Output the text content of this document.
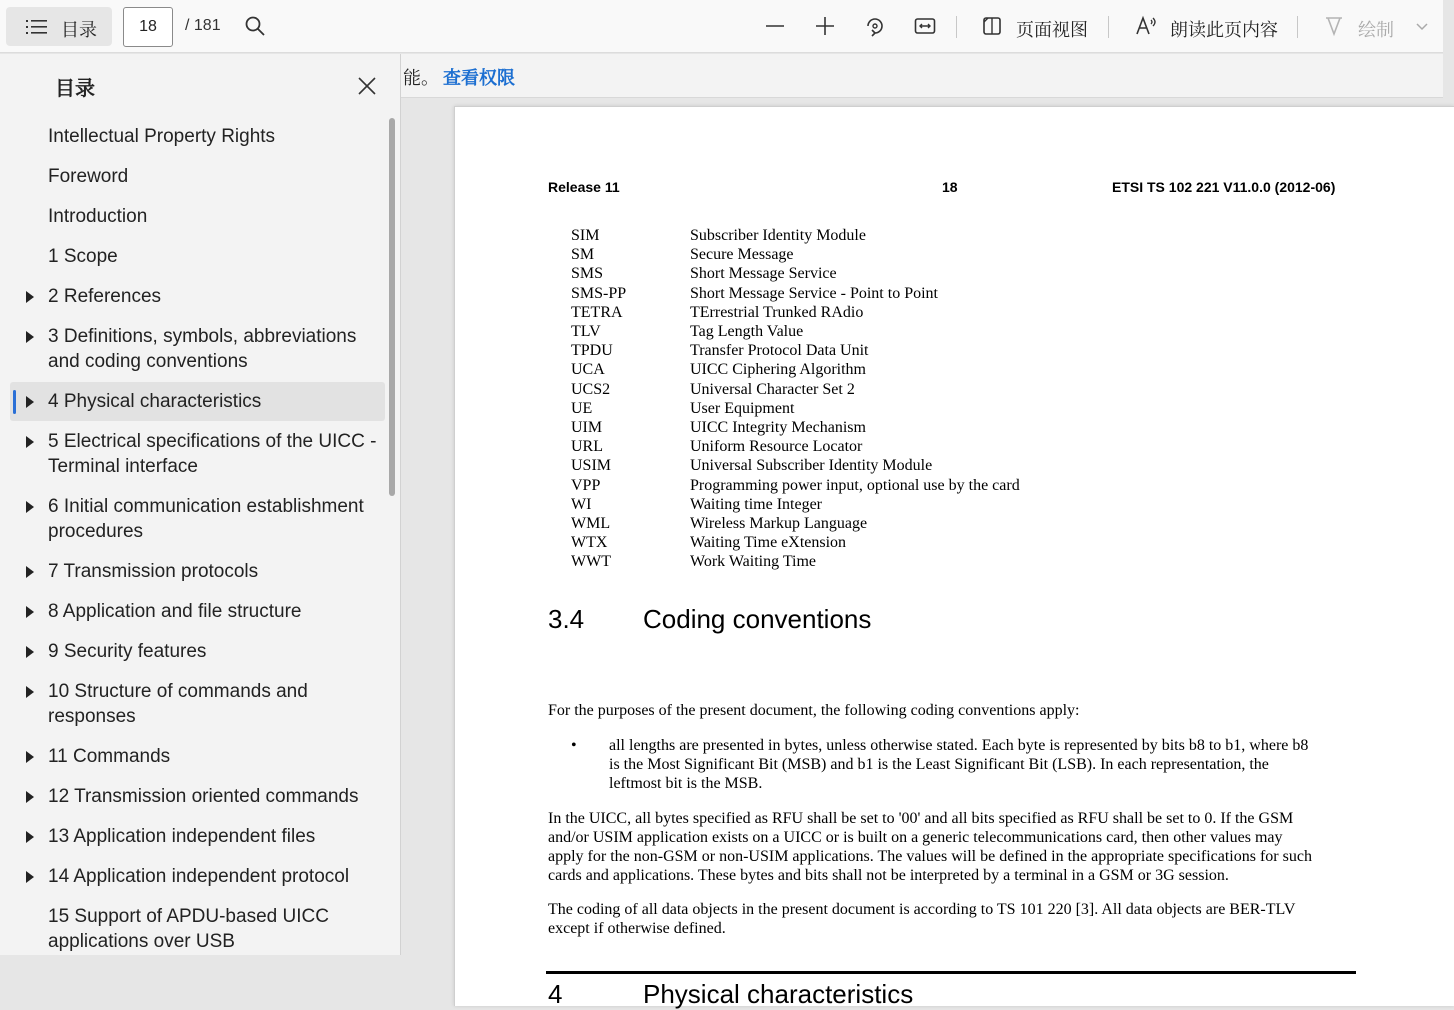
目录	18	/ 181	页面视图	朗读此页内容	绘制
目录
Intellectual Property Rights
Foreword
Introduction
1 Scope
2 References
3 Definitions, symbols, abbreviations and coding conventions
4 Physical characteristics
5 Electrical specifications of the UICC - Terminal interface
6 Initial communication establishment procedures
7 Transmission protocols
8 Application and file structure
9 Security features
10 Structure of commands and responses
11 Commands
12 Transmission oriented commands
13 Application independent files
14 Application independent protocol
15 Support of APDU-based UICC applications over USB
能。 查看权限
Release 11	18	ETSI TS 102 221 V11.0.0 (2012-06)
SIM	Subscriber Identity Module
SM	Secure Message
SMS	Short Message Service
SMS-PP	Short Message Service - Point to Point
TETRA	TErrestrial Trunked RAdio
TLV	Tag Length Value
TPDU	Transfer Protocol Data Unit
UCA	UICC Ciphering Algorithm
UCS2	Universal Character Set 2
UE	User Equipment
UIM	UICC Integrity Mechanism
URL	Uniform Resource Locator
USIM	Universal Subscriber Identity Module
VPP	Programming power input, optional use by the card
WI	Waiting time Integer
WML	Wireless Markup Language
WTX	Waiting Time eXtension
WWT	Work Waiting Time
3.4 Coding conventions
For the purposes of the present document, the following coding conventions apply:
• all lengths are presented in bytes, unless otherwise stated. Each byte is represented by bits b8 to b1, where b8
is the Most Significant Bit (MSB) and b1 is the Least Significant Bit (LSB). In each representation, the
leftmost bit is the MSB.
In the UICC, all bytes specified as RFU shall be set to '00' and all bits specified as RFU shall be set to 0. If the GSM
and/or USIM application exists on a UICC or is built on a generic telecommunications card, then other values may
apply for the non-GSM or non-USIM applications. The values will be defined in the appropriate specifications for such
cards and applications. These bytes and bits shall not be interpreted by a terminal in a GSM or 3G session.
The coding of all data objects in the present document is according to TS 101 220 [3]. All data objects are BER-TLV
except if otherwise defined.
4	Physical characteristics
